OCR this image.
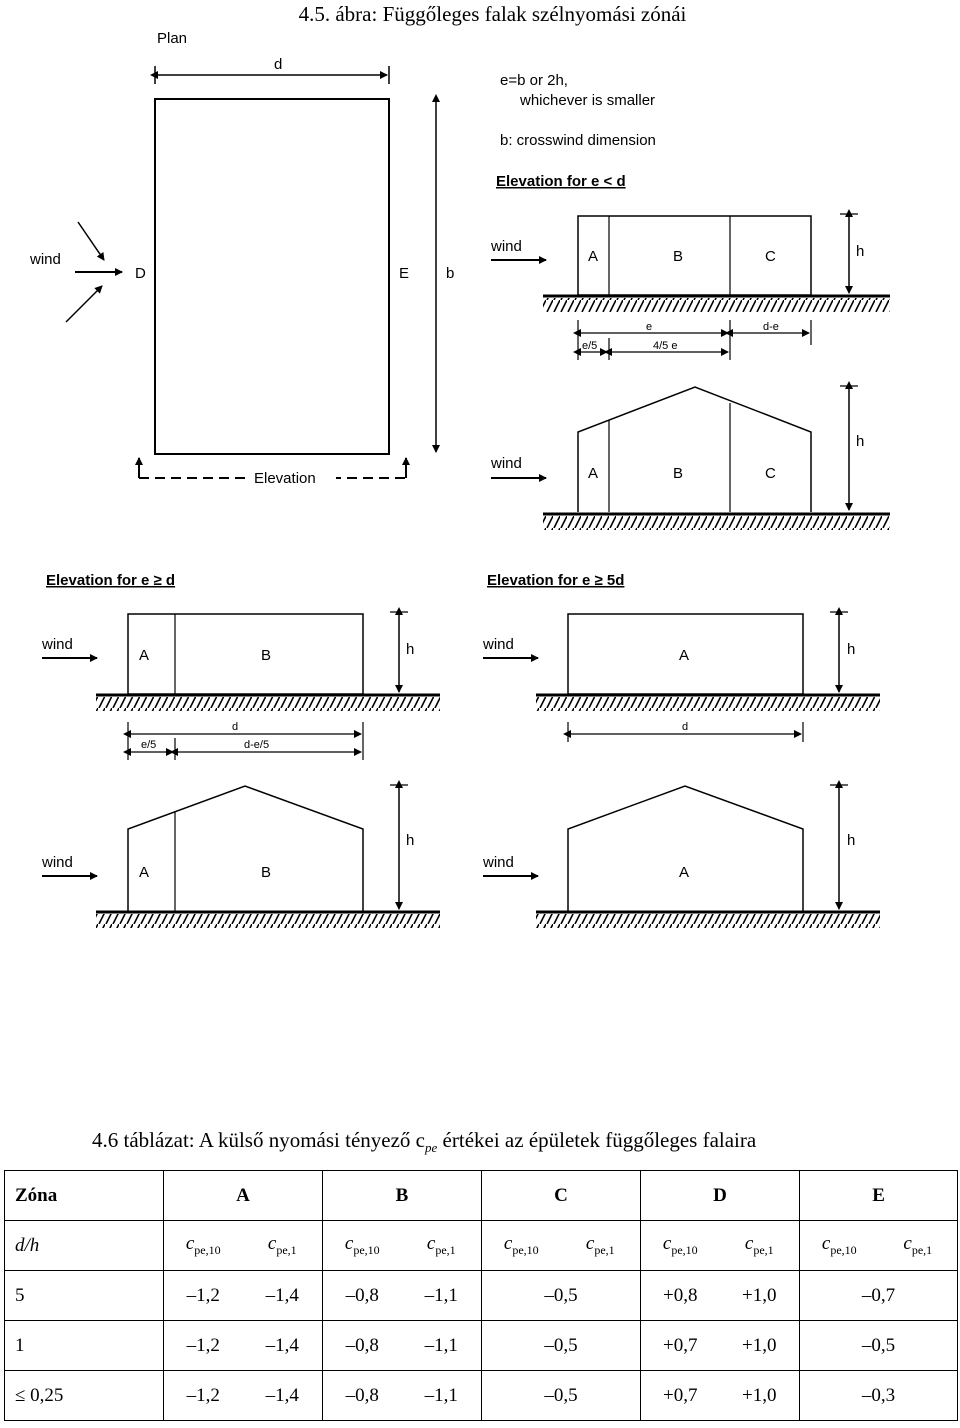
4.5. ábra: Függőleges falak szélnyomási zónái
Plan
d
b
D	E
wind
Elevation
e=b or 2h,
whichever is smaller
b: crosswind dimension
Elevation for e < d
wind
A	B	C	h
e	d-e
e/5	4/5 e
wind
A	B	C
h
Elevation for e ≥ d
wind
A	B	h
d
e/5	d-e/5
wind
A	B
h
Elevation for e ≥ 5d
wind
A	h
d
wind
A
h
4.6 táblázat: A külső nyomási tényező $c_{pe}$ értékei az épületek függőleges falaira
Zóna	A		B		C		D		E	
d/h	$c_{pe,10}$	$c_{pe,1}$	$c_{pe,10}$	$c_{pe,1}$	$c_{pe,10}$	$c_{pe,1}$	$c_{pe,10}$	$c_{pe,1}$	$c_{pe,10}$	$c_{pe,1}$
5	–1,2	–1,4	–0,8	–1,1	–0,5		+0,8	+1,0	–0,7	
1	–1,2	–1,4	–0,8	–1,1	–0,5		+0,7	+1,0	–0,5	
≤ 0,25	–1,2	–1,4	–0,8	–1,1	–0,5		+0,7	+1,0	–0,3	
